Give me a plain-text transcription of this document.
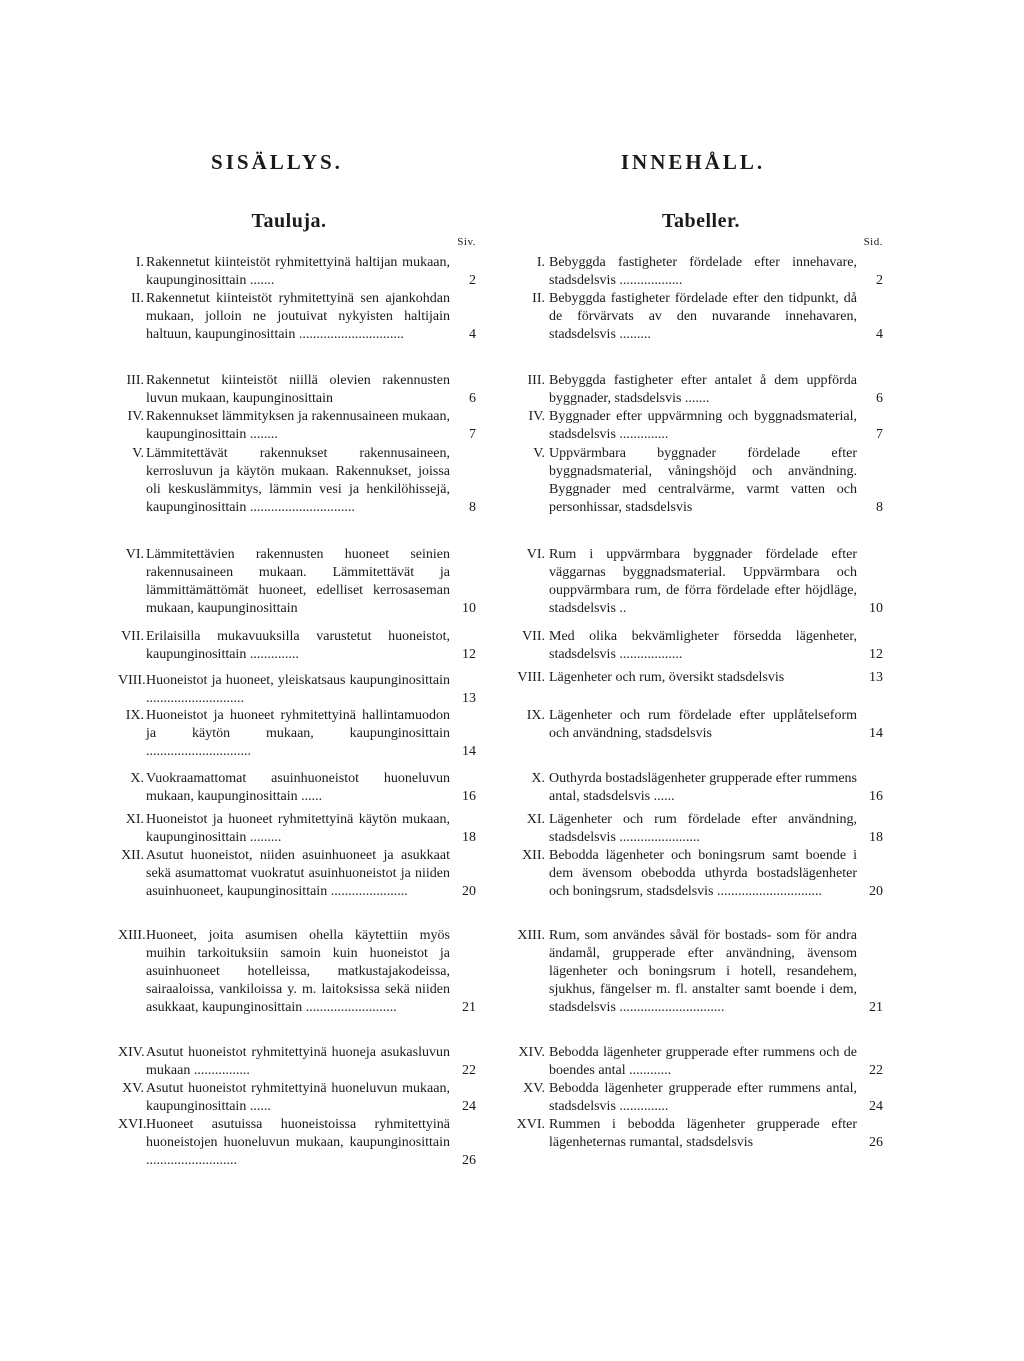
SISÄLLYS.
Tauluja.
Siv.
I. Rakennetut kiinteistöt ryhmitettyinä haltijan mukaan, kaupunginosittain .......	2
II. Rakennetut kiinteistöt ryhmitettyinä sen ajankohdan mukaan, jolloin ne joutuivat nykyisten haltijain haltuun, kaupunginosittain ..............................	4
III. Rakennetut kiinteistöt niillä olevien rakennusten luvun mukaan, kaupunginosittain	6
IV. Rakennukset lämmityksen ja rakennusaineen mukaan, kaupunginosittain ........	7
V. Lämmitettävät rakennukset rakennusaineen, kerrosluvun ja käytön mukaan. Rakennukset, joissa oli keskuslämmitys, lämmin vesi ja henkilöhissejä, kaupunginosittain ..............................	8
VI. Lämmitettävien rakennusten huoneet seinien rakennusaineen mukaan. Lämmitettävät ja lämmittämättömät huoneet, edelliset kerrosaseman mukaan, kaupunginosittain	10
VII. Erilaisilla mukavuuksilla varustetut huoneistot, kaupunginosittain ..............	12
VIII. Huoneistot ja huoneet, yleiskatsaus kaupunginosittain ............................	13
IX. Huoneistot ja huoneet ryhmitettyinä hallintamuodon ja käytön mukaan, kaupunginosittain ..............................	14
X. Vuokraamattomat asuinhuoneistot huoneluvun mukaan, kaupunginosittain ......	16
XI. Huoneistot ja huoneet ryhmitettyinä käytön mukaan, kaupunginosittain .........	18
XII. Asutut huoneistot, niiden asuinhuoneet ja asukkaat sekä asumattomat vuokratut asuinhuoneistot ja niiden asuinhuoneet, kaupunginosittain ......................	20
XIII. Huoneet, joita asumisen ohella käytettiin myös muihin tarkoituksiin samoin kuin huoneistot ja asuinhuoneet hotelleissa, matkustajakodeissa, sairaaloissa, vankiloissa y. m. laitoksissa sekä niiden asukkaat, kaupunginosittain ..........................	21
XIV. Asutut huoneistot ryhmitettyinä huoneja asukasluvun mukaan ................	22
XV. Asutut huoneistot ryhmitettyinä huoneluvun mukaan, kaupunginosittain ......	24
XVI. Huoneet asutuissa huoneistoissa ryhmitettyinä huoneistojen huoneluvun mukaan, kaupunginosittain ..........................	26
INNEHÅLL.
Tabeller.
Sid.
I. Bebyggda fastigheter fördelade efter innehavare, stadsdelsvis ..................	2
II. Bebyggda fastigheter fördelade efter den tidpunkt, då de förvärvats av den nuvarande innehavaren, stadsdelsvis .........	4
III. Bebyggda fastigheter efter antalet å dem uppförda byggnader, stadsdelsvis .......	6
IV. Byggnader efter uppvärmning och byggnadsmaterial, stadsdelsvis ..............	7
V. Uppvärmbara byggnader fördelade efter byggnadsmaterial, våningshöjd och användning. Byggnader med centralvärme, varmt vatten och personhissar, stadsdelsvis	8
VI. Rum i uppvärmbara byggnader fördelade efter väggarnas byggnadsmaterial. Uppvärmbara och ouppvärmbara rum, de förra fördelade efter höjdläge, stadsdelsvis ..	10
VII. Med olika bekvämligheter försedda lägenheter, stadsdelsvis ..................	12
VIII. Lägenheter och rum, översikt stadsdelsvis	13
IX. Lägenheter och rum fördelade efter upplåtelseform och användning, stadsdelsvis	14
X. Outhyrda bostadslägenheter grupperade efter rummens antal, stadsdelsvis ......	16
XI. Lägenheter och rum fördelade efter användning, stadsdelsvis .......................	18
XII. Bebodda lägenheter och boningsrum samt boende i dem ävensom obebodda uthyrda bostadslägenheter och boningsrum, stadsdelsvis ..............................	20
XIII. Rum, som användes såväl för bostads- som för andra ändamål, grupperade efter användning, ävensom lägenheter och boningsrum i hotell, resandehem, sjukhus, fängelser m. fl. anstalter samt boende i dem, stadsdelsvis ..............................	21
XIV. Bebodda lägenheter grupperade efter rummens och de boendes antal ............	22
XV. Bebodda lägenheter grupperade efter rummens antal, stadsdelsvis ..............	24
XVI. Rummen i bebodda lägenheter grupperade efter lägenheternas rumantal, stadsdelsvis	26
